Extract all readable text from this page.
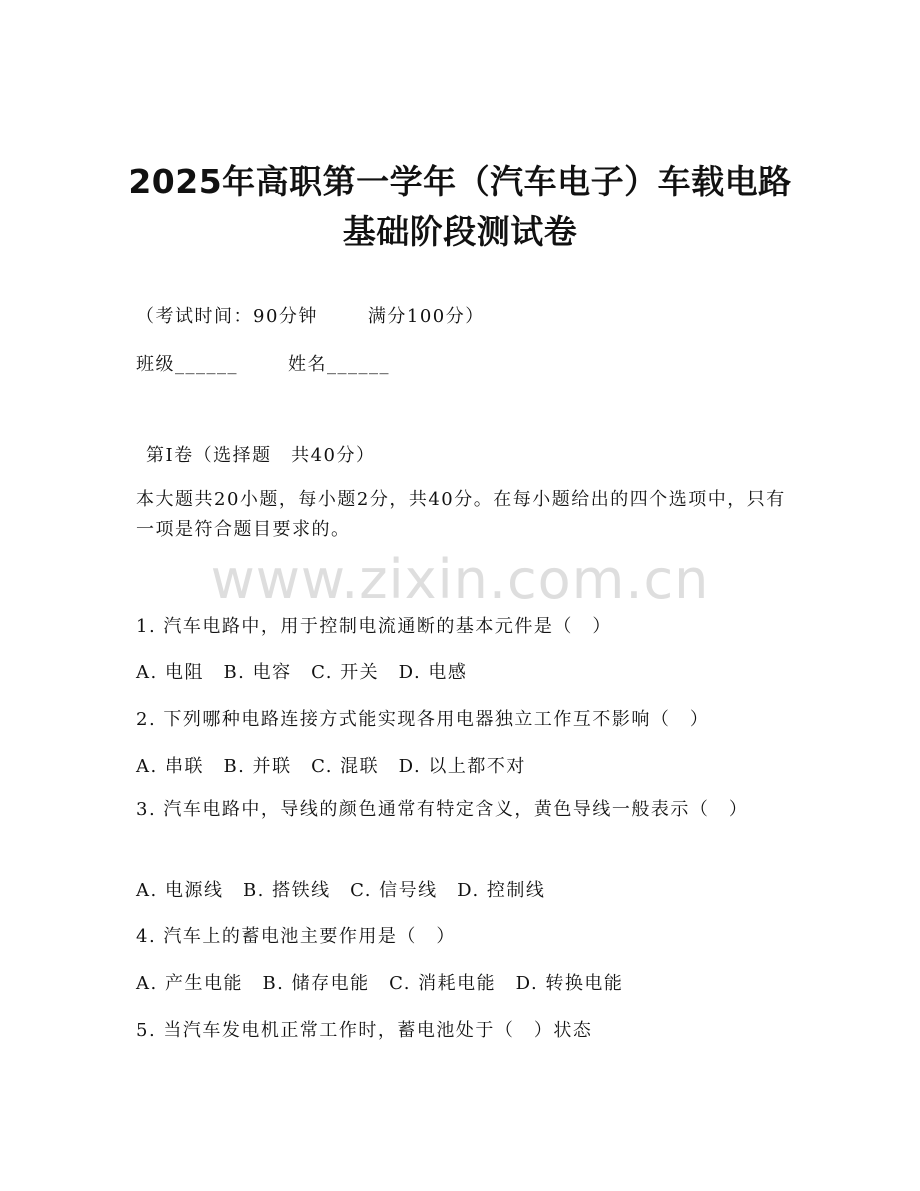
2025年高职第一学年（汽车电子）车载电路
基础阶段测试卷
（考试时间：90分钟	满分100分）
班级______	姓名______
第I卷（选择题　共40分）
本大题共20小题，每小题2分，共40分。在每小题给出的四个选项中，只有一项是符合题目要求的。
www.zixin.com.cn
1. 汽车电路中，用于控制电流通断的基本元件是（　）
A. 电阻　B. 电容　C. 开关　D. 电感
2. 下列哪种电路连接方式能实现各用电器独立工作互不影响（　）
A. 串联　B. 并联　C. 混联　D. 以上都不对
3. 汽车电路中，导线的颜色通常有特定含义，黄色导线一般表示（　）
A. 电源线　B. 搭铁线　C. 信号线　D. 控制线
4. 汽车上的蓄电池主要作用是（　）
A. 产生电能　B. 储存电能　C. 消耗电能　D. 转换电能
5. 当汽车发电机正常工作时，蓄电池处于（　）状态
